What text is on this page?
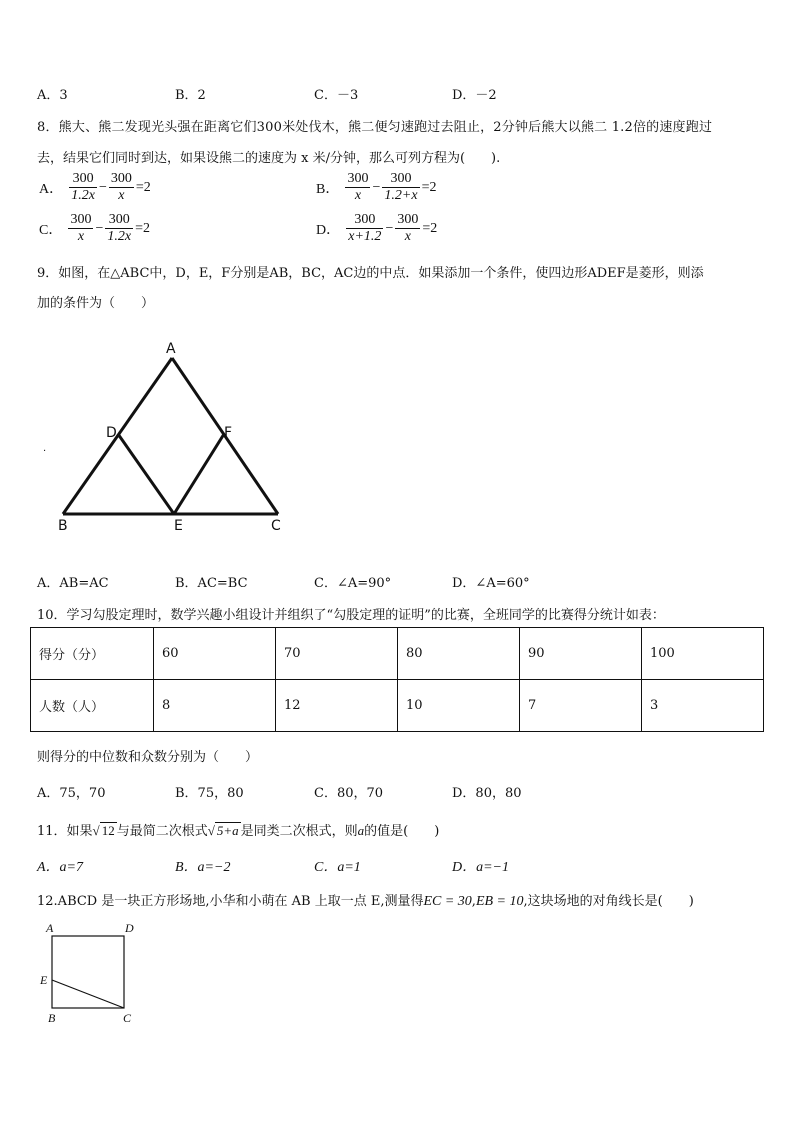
A．3	B．2	C．－3	D．－2
8．熊大、熊二发现光头强在距离它们300米处伐木，熊二便匀速跑过去阻止，2分钟后熊大以熊二 1.2倍的速度跑过
去，结果它们同时到达，如果设熊二的速度为 x 米/分钟，那么可列方程为(　　).
A． $\frac{300}{1.2x} - \frac{300}{x} =2$	B． $\frac{300}{x} - \frac{300}{1.2+x} =2$
C． $\frac{300}{x} - \frac{300}{1.2x} =2$	D． $\frac{300}{x+1.2} - \frac{300}{x} =2$
9．如图，在△ABC中，D，E，F分别是AB，BC，AC边的中点．如果添加一个条件，使四边形ADEF是菱形，则添
加的条件为（　　）
A
D	F
B	E	C
.
A．AB=AC	B．AC=BC	C．∠A=90°	D．∠A=60°
10．学习勾股定理时，数学兴趣小组设计并组织了“勾股定理的证明”的比赛，全班同学的比赛得分统计如表：
得分（分）	60	70	80	90	100
人数（人）	8	12	10	7	3
则得分的中位数和众数分别为（　　）
A．75，70	B．75，80	C．80，70	D．80，80
11．如果√ 12 与最简二次根式√ 5+a 是同类二次根式，则a的值是(　　)
A．a=7	B．a=−2	C．a=1	D．a=−1
12.ABCD 是一块正方形场地,小华和小萌在 AB 上取一点 E,测量得EC = 30,EB = 10,这块场地的对角线长是(　　)
A	D
E
B	C
